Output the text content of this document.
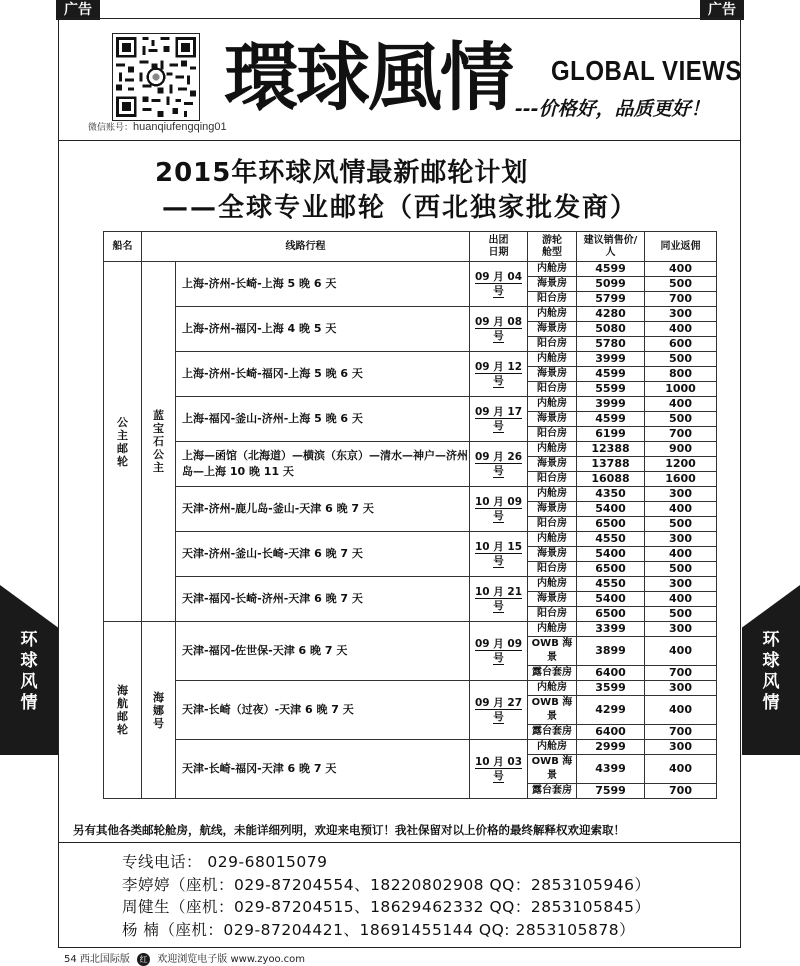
广告	广告
微信账号：huanqiufengqing01
環球風情 GLOBAL VIEWS
---价格好，品质更好！
2015年环球风情最新邮轮计划
——全球专业邮轮（西北独家批发商）
船名	线路行程		出团日期	游轮舱型	建议销售价/人	同业返佣
公主邮轮	蓝宝石公主	上海-济州-长崎-上海 5 晚 6 天	09 月 04 号	内舱房	4599	400
				海景房	5099	500
				阳台房	5799	700
		上海-济州-福冈-上海 4 晚 5 天	09 月 08 号	内舱房	4280	300
				海景房	5080	400
				阳台房	5780	600
		上海-济州-长崎-福冈-上海 5 晚 6 天	09 月 12 号	内舱房	3999	500
				海景房	4599	800
				阳台房	5599	1000
		上海-福冈-釜山-济州-上海 5 晚 6 天	09 月 17 号	内舱房	3999	400
				海景房	4599	500
				阳台房	6199	700
		上海—函馆（北海道）—横滨（东京）—清水—神户—济州岛—上海 10 晚 11 天	09 月 26 号	内舱房	12388	900
				海景房	13788	1200
				阳台房	16088	1600
		天津-济州-鹿儿岛-釜山-天津 6 晚 7 天	10 月 09 号	内舱房	4350	300
				海景房	5400	400
				阳台房	6500	500
		天津-济州-釜山-长崎-天津 6 晚 7 天	10 月 15 号	内舱房	4550	300
				海景房	5400	400
				阳台房	6500	500
		天津-福冈-长崎-济州-天津 6 晚 7 天	10 月 21 号	内舱房	4550	300
				海景房	5400	400
				阳台房	6500	500
海航邮轮	海娜号	天津-福冈-佐世保-天津 6 晚 7 天	09 月 09 号	内舱房	3399	300
				OWB 海景	3899	400
				露台套房	6400	700
		天津-长崎（过夜）-天津 6 晚 7 天	09 月 27 号	内舱房	3599	300
				OWB 海景	4299	400
				露台套房	6400	700
		天津-长崎-福冈-天津 6 晚 7 天	10 月 03 号	内舱房	2999	300
				OWB 海景	4399	400
				露台套房	7599	700
另有其他各类邮轮舱房，航线，未能详细列明，欢迎来电预订！我社保留对以上价格的最终解释权欢迎索取！
专线电话： 029-68015079
李婷婷（座机：029-87204554、18220802908 QQ：2853105946）
周健生（座机：029-87204515、18629462332 QQ：2853105845）
杨 楠（座机：029-87204421、18691455144 QQ: 2853105878）
环球风情
环球风情
54 西北国际版 红 欢迎浏览电子版 www.zyoo.com
